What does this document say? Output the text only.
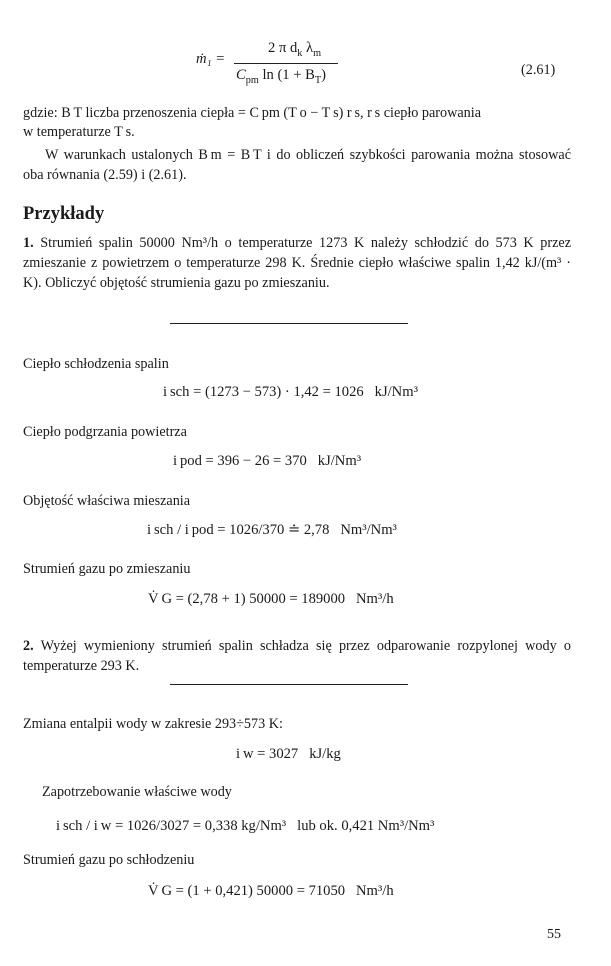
ṁ₁ =
2 π $d_k$ $\lambda_m$
$C_{pm}$ $\ln (1 + B_T)$	(2.61)
gdzie: B T liczba przenoszenia ciepła = C pm (T o − T s) r s, r s ciepło parowania
w temperaturze T s.
W warunkach ustalonych B m = B T i do obliczeń szybkości parowania można stosować oba równania (2.59) i (2.61).
Przykłady
1. Strumień spalin 50000 Nm³/h o temperaturze 1273 K należy schłodzić do 573 K przez zmieszanie z powietrzem o temperaturze 298 K. Średnie ciepło właściwe spalin 1,42 kJ/(m³ · K). Obliczyć objętość strumienia gazu po zmieszaniu.
Ciepło schłodzenia spalin
i sch = (1273 − 573) · 1,42 = 1026 kJ/Nm³
Ciepło podgrzania powietrza
i pod = 396 − 26 = 370 kJ/Nm³
Objętość właściwa mieszania
i sch / i pod = 1026/370 ≐ 2,78 Nm³/Nm³
Strumień gazu po zmieszaniu
V̇ G = (2,78 + 1) 50000 = 189000 Nm³/h
2. Wyżej wymieniony strumień spalin schładza się przez odparowanie rozpylonej wody o temperaturze 293 K.
Zmiana entalpii wody w zakresie 293÷573 K:
i w = 3027 kJ/kg
Zapotrzebowanie właściwe wody
i sch / i w = 1026/3027 = 0,338 kg/Nm³ lub ok. 0,421 Nm³/Nm³
Strumień gazu po schłodzeniu
V̇ G = (1 + 0,421) 50000 = 71050 Nm³/h
55
